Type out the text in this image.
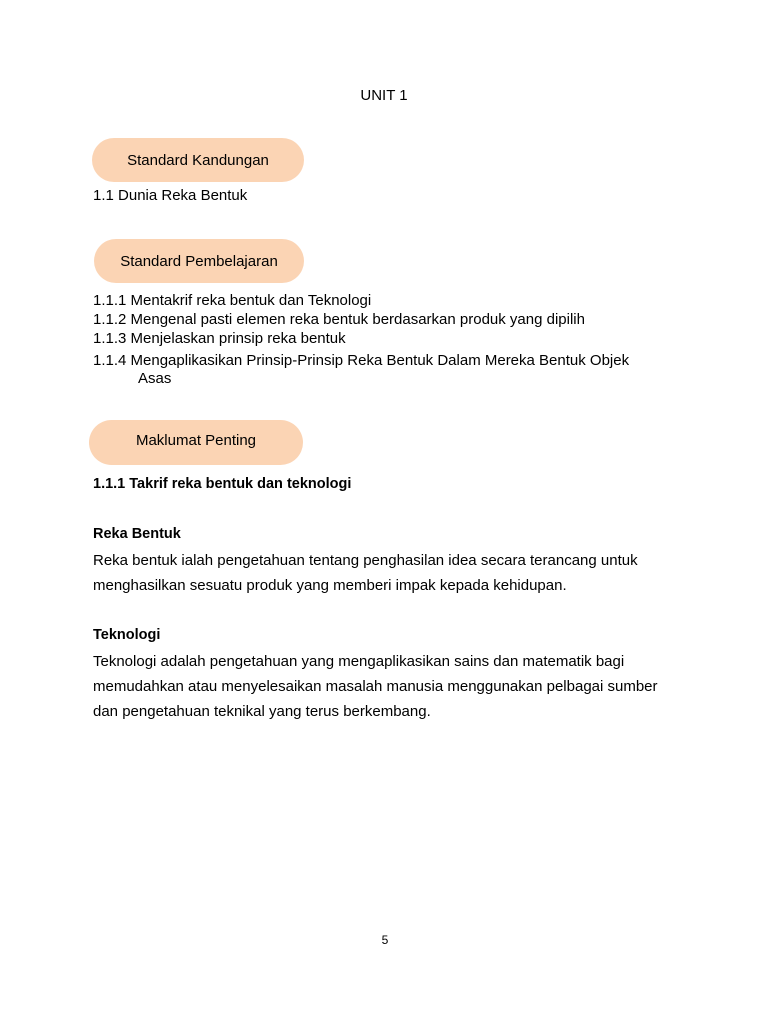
UNIT 1
Standard Kandungan
1.1 Dunia Reka Bentuk
Standard Pembelajaran
1.1.1 Mentakrif reka bentuk dan Teknologi
1.1.2 Mengenal pasti elemen reka bentuk berdasarkan produk yang dipilih
1.1.3 Menjelaskan prinsip reka bentuk
1.1.4 Mengaplikasikan Prinsip-Prinsip Reka Bentuk Dalam Mereka Bentuk Objek
Asas
Maklumat Penting
1.1.1 Takrif reka bentuk dan teknologi
Reka Bentuk
Reka bentuk ialah pengetahuan tentang penghasilan idea secara terancang untuk
menghasilkan sesuatu produk yang memberi impak kepada kehidupan.
Teknologi
Teknologi adalah pengetahuan yang mengaplikasikan sains dan matematik bagi
memudahkan atau menyelesaikan masalah manusia menggunakan pelbagai sumber
dan pengetahuan teknikal yang terus berkembang.
5
